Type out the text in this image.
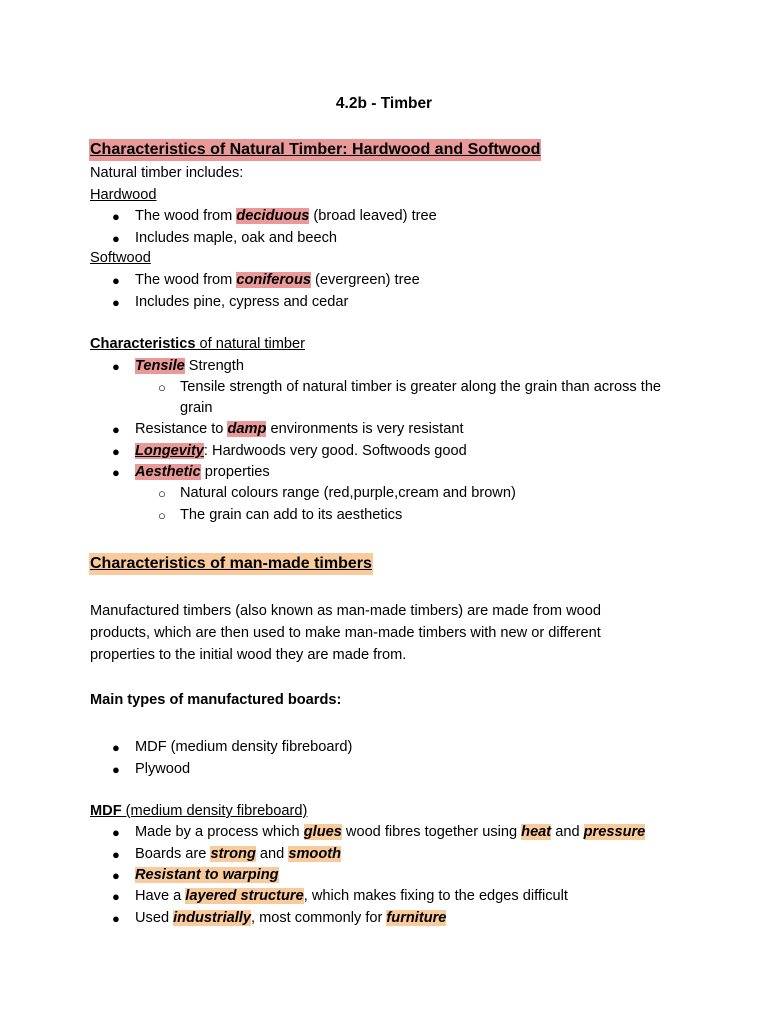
4.2b - Timber
Characteristics of Natural Timber: Hardwood and Softwood
Natural timber includes:
Hardwood
● The wood from deciduous (broad leaved) tree
● Includes maple, oak and beech
Softwood
● The wood from coniferous (evergreen) tree
● Includes pine, cypress and cedar
Characteristics of natural timber
● Tensile Strength
○ Tensile strength of natural timber is greater along the grain than across the
grain
● Resistance to damp environments is very resistant
● Longevity: Hardwoods very good. Softwoods good
● Aesthetic properties
○ Natural colours range (red,purple,cream and brown)
○ The grain can add to its aesthetics
Characteristics of man-made timbers
Manufactured timbers (also known as man-made timbers) are made from wood
products, which are then used to make man-made timbers with new or different
properties to the initial wood they are made from.
Main types of manufactured boards:
● MDF (medium density fibreboard)
● Plywood
MDF (medium density fibreboard)
● Made by a process which glues wood fibres together using heat and pressure
● Boards are strong and smooth
● Resistant to warping
● Have a layered structure, which makes fixing to the edges difficult
● Used industrially, most commonly for furniture
